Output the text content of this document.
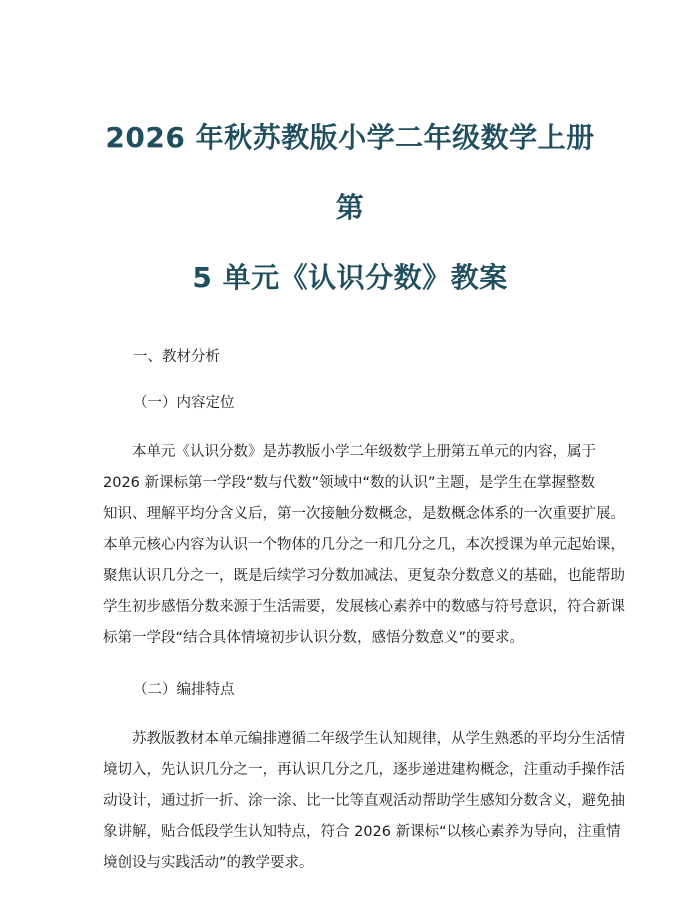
2026 年秋苏教版小学二年级数学上册第
5 单元《认识分数》教案

一、教材分析

（一）内容定位

本单元《认识分数》是苏教版小学二年级数学上册第五单元的内容，属于
2026 新课标第一学段“数与代数”领域中“数的认识”主题，是学生在掌握整数
知识、理解平均分含义后，第一次接触分数概念，是数概念体系的一次重要扩展。
本单元核心内容为认识一个物体的几分之一和几分之几，本次授课为单元起始课，
聚焦认识几分之一，既是后续学习分数加减法、更复杂分数意义的基础，也能帮助
学生初步感悟分数来源于生活需要，发展核心素养中的数感与符号意识，符合新课
标第一学段“结合具体情境初步认识分数，感悟分数意义”的要求。

（二）编排特点

苏教版教材本单元编排遵循二年级学生认知规律，从学生熟悉的平均分生活情
境切入，先认识几分之一，再认识几分之几，逐步递进建构概念，注重动手操作活
动设计，通过折一折、涂一涂、比一比等直观活动帮助学生感知分数含义，避免抽
象讲解，贴合低段学生认知特点，符合 2026 新课标“以核心素养为导向，注重情
境创设与实践活动”的教学要求。
